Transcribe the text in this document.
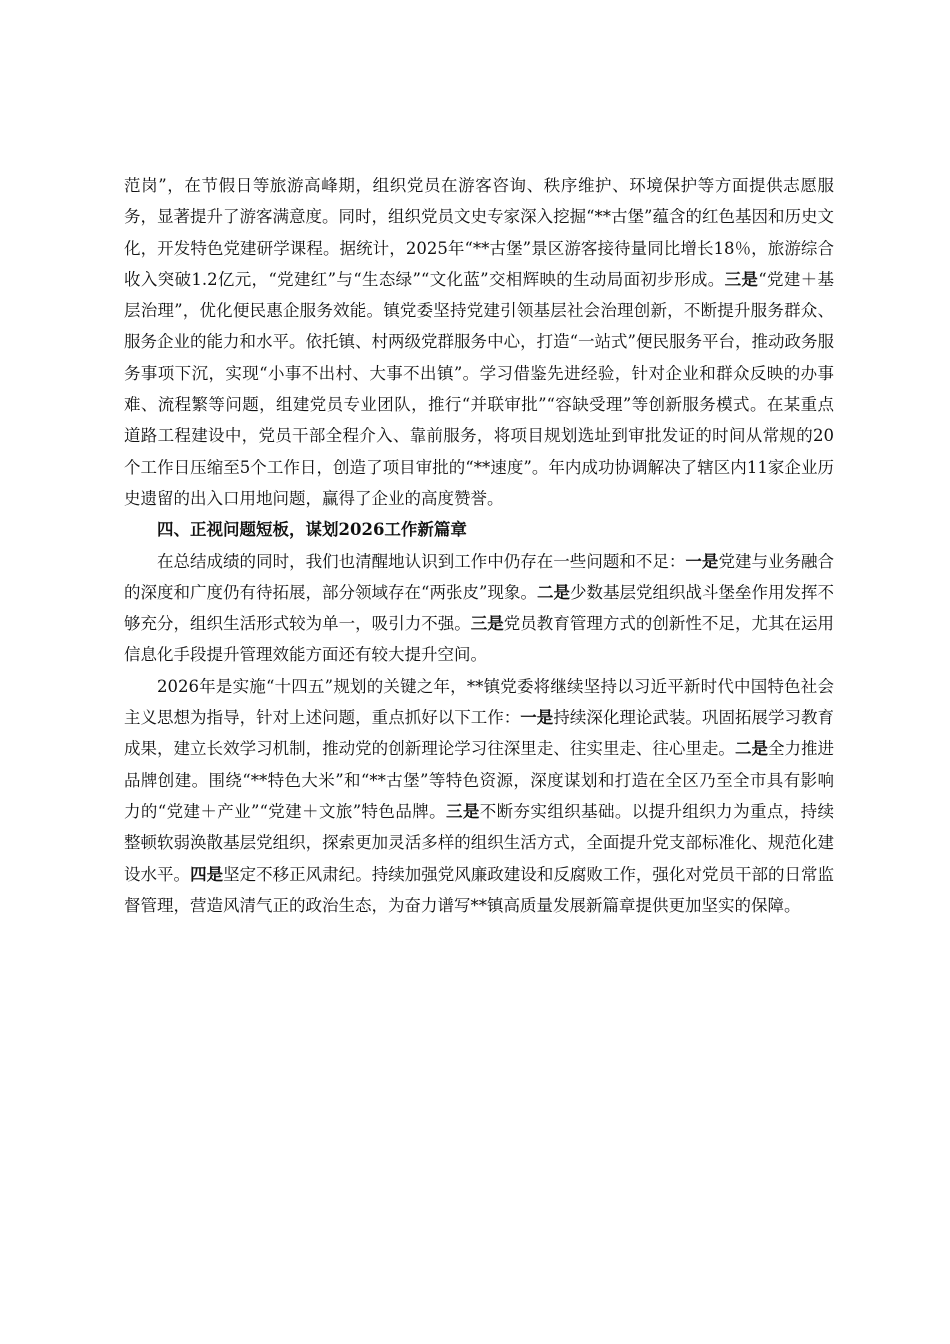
范岗”，在节假日等旅游高峰期，组织党员在游客咨询、秩序维护、环境保护等方面提供志愿服务，显著提升了游客满意度。同时，组织党员文史专家深入挖掘“**古堡”蕴含的红色基因和历史文化，开发特色党建研学课程。据统计，2025年“**古堡”景区游客接待量同比增长18％，旅游综合收入突破1.2亿元，“党建红”与“生态绿”“文化蓝”交相辉映的生动局面初步形成。三是“党建＋基层治理”，优化便民惠企服务效能。镇党委坚持党建引领基层社会治理创新，不断提升服务群众、服务企业的能力和水平。依托镇、村两级党群服务中心，打造“一站式”便民服务平台，推动政务服务事项下沉，实现“小事不出村、大事不出镇”。学习借鉴先进经验，针对企业和群众反映的办事难、流程繁等问题，组建党员专业团队，推行“并联审批”“容缺受理”等创新服务模式。在某重点道路工程建设中，党员干部全程介入、靠前服务，将项目规划选址到审批发证的时间从常规的20个工作日压缩至5个工作日，创造了项目审批的“**速度”。年内成功协调解决了辖区内11家企业历史遗留的出入口用地问题，赢得了企业的高度赞誉。

四、正视问题短板，谋划2026工作新篇章

在总结成绩的同时，我们也清醒地认识到工作中仍存在一些问题和不足：一是党建与业务融合的深度和广度仍有待拓展，部分领域存在“两张皮”现象。二是少数基层党组织战斗堡垒作用发挥不够充分，组织生活形式较为单一，吸引力不强。三是党员教育管理方式的创新性不足，尤其在运用信息化手段提升管理效能方面还有较大提升空间。

2026年是实施“十四五”规划的关键之年，**镇党委将继续坚持以习近平新时代中国特色社会主义思想为指导，针对上述问题，重点抓好以下工作：一是持续深化理论武装。巩固拓展学习教育成果，建立长效学习机制，推动党的创新理论学习往深里走、往实里走、往心里走。二是全力推进品牌创建。围绕“**特色大米”和“**古堡”等特色资源，深度谋划和打造在全区乃至全市具有影响力的“党建＋产业”“党建＋文旅”特色品牌。三是不断夯实组织基础。以提升组织力为重点，持续整顿软弱涣散基层党组织，探索更加灵活多样的组织生活方式，全面提升党支部标准化、规范化建设水平。四是坚定不移正风肃纪。持续加强党风廉政建设和反腐败工作，强化对党员干部的日常监督管理，营造风清气正的政治生态，为奋力谱写**镇高质量发展新篇章提供更加坚实的保障。
